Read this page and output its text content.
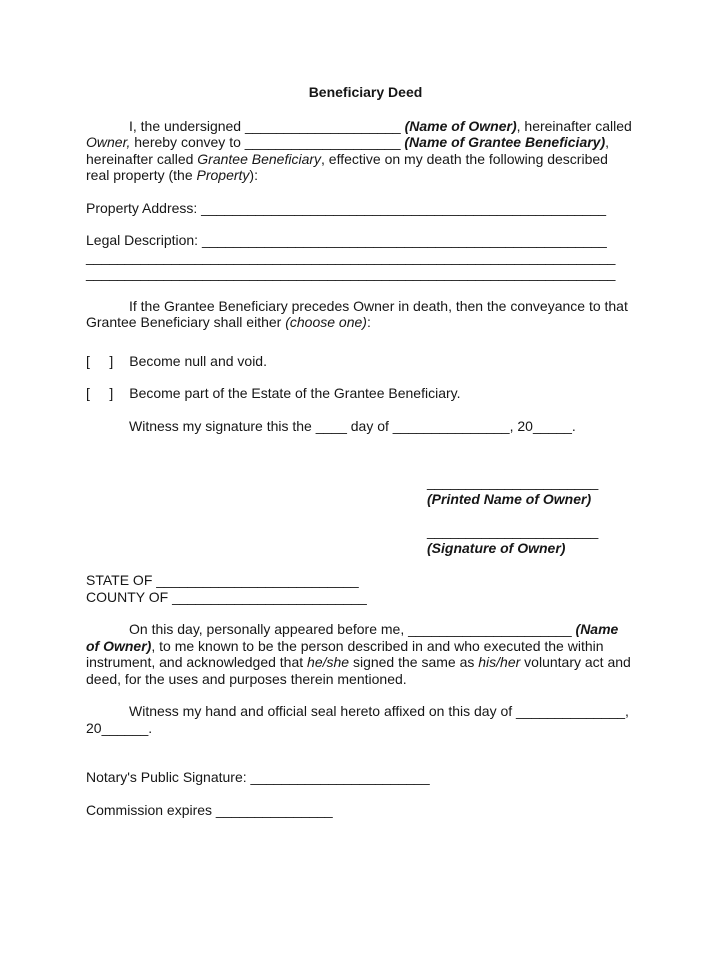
Beneficiary Deed

I, the undersigned ____________________ (Name of Owner), hereinafter called
Owner, hereby convey to ____________________ (Name of Grantee Beneficiary),
hereinafter called Grantee Beneficiary, effective on my death the following described
real property (the Property):

Property Address: ____________________________________________________

Legal Description: ____________________________________________________
____________________________________________________________________
____________________________________________________________________

If the Grantee Beneficiary precedes Owner in death, then the conveyance to that
Grantee Beneficiary shall either (choose one):

[     ] Become null and void.

[     ] Become part of the Estate of the Grantee Beneficiary.

Witness my signature this the ____ day of _______________, 20_____.

______________________
(Printed Name of Owner)

______________________
(Signature of Owner)

STATE OF __________________________
COUNTY OF _________________________

On this day, personally appeared before me, _____________________ (Name
of Owner), to me known to be the person described in and who executed the within
instrument, and acknowledged that he/she signed the same as his/her voluntary act and
deed, for the uses and purposes therein mentioned.

Witness my hand and official seal hereto affixed on this day of ______________,
20______.

Notary's Public Signature: _______________________

Commission expires _______________
